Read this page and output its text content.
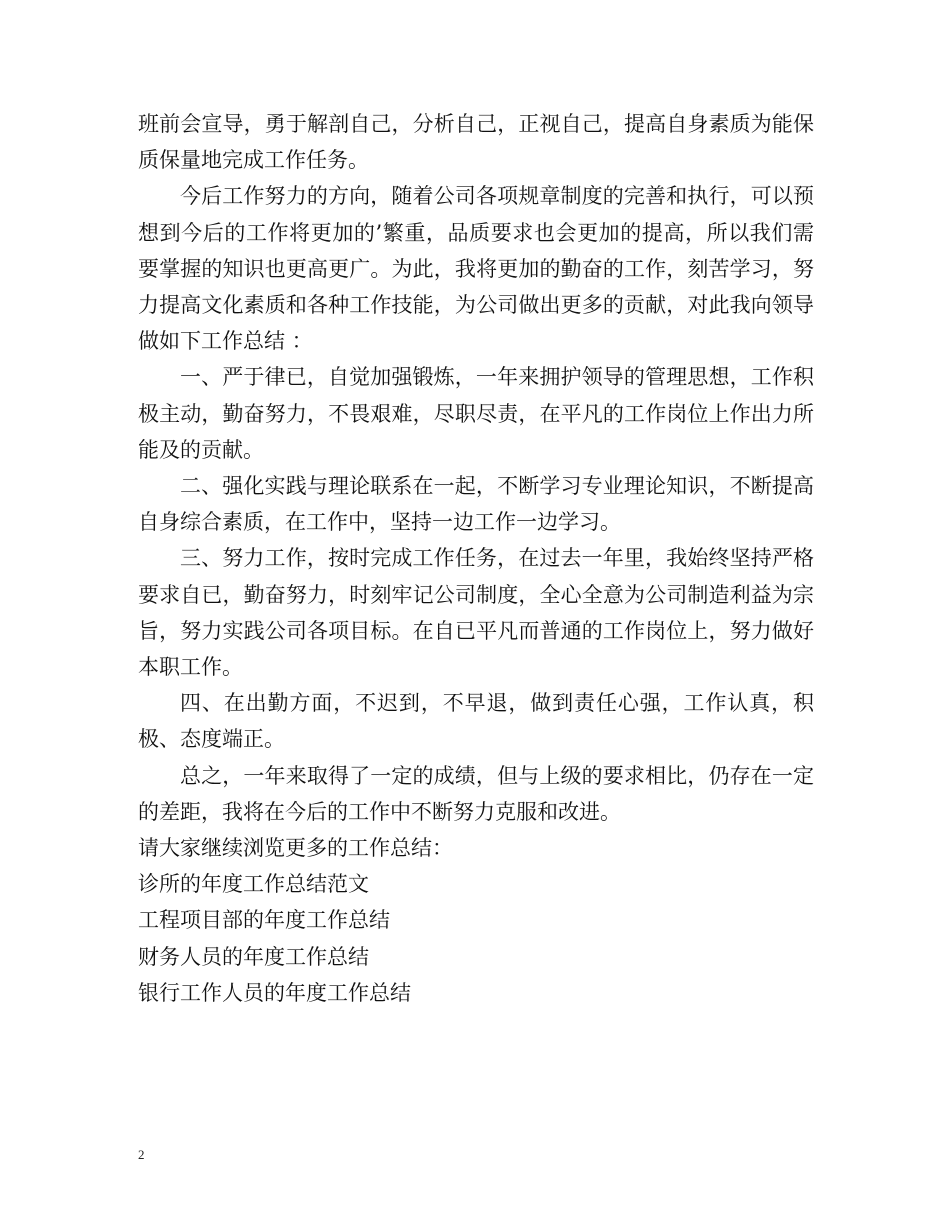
班前会宣导，勇于解剖自己，分析自己，正视自己，提高自身素质为能保质保量地完成工作任务。

今后工作努力的方向，随着公司各项规章制度的完善和执行，可以预想到今后的工作将更加的’繁重，品质要求也会更加的提高，所以我们需要掌握的知识也更高更广。为此，我将更加的勤奋的工作，刻苦学习，努力提高文化素质和各种工作技能，为公司做出更多的贡献，对此我向领导做如下工作总结 ：

一、严于律已，自觉加强锻炼，一年来拥护领导的管理思想，工作积极主动，勤奋努力，不畏艰难，尽职尽责，在平凡的工作岗位上作出力所能及的贡献。

二、强化实践与理论联系在一起，不断学习专业理论知识，不断提高自身综合素质，在工作中，坚持一边工作一边学习。

三、努力工作，按时完成工作任务，在过去一年里，我始终坚持严格要求自已，勤奋努力，时刻牢记公司制度，全心全意为公司制造利益为宗旨，努力实践公司各项目标。在自已平凡而普通的工作岗位上，努力做好本职工作。

四、在出勤方面，不迟到，不早退，做到责任心强，工作认真，积极、态度端正。

总之，一年来取得了一定的成绩，但与上级的要求相比，仍存在一定的差距，我将在今后的工作中不断努力克服和改进。

请大家继续浏览更多的工作总结：

诊所的年度工作总结范文
工程项目部的年度工作总结
财务人员的年度工作总结
银行工作人员的年度工作总结
2
